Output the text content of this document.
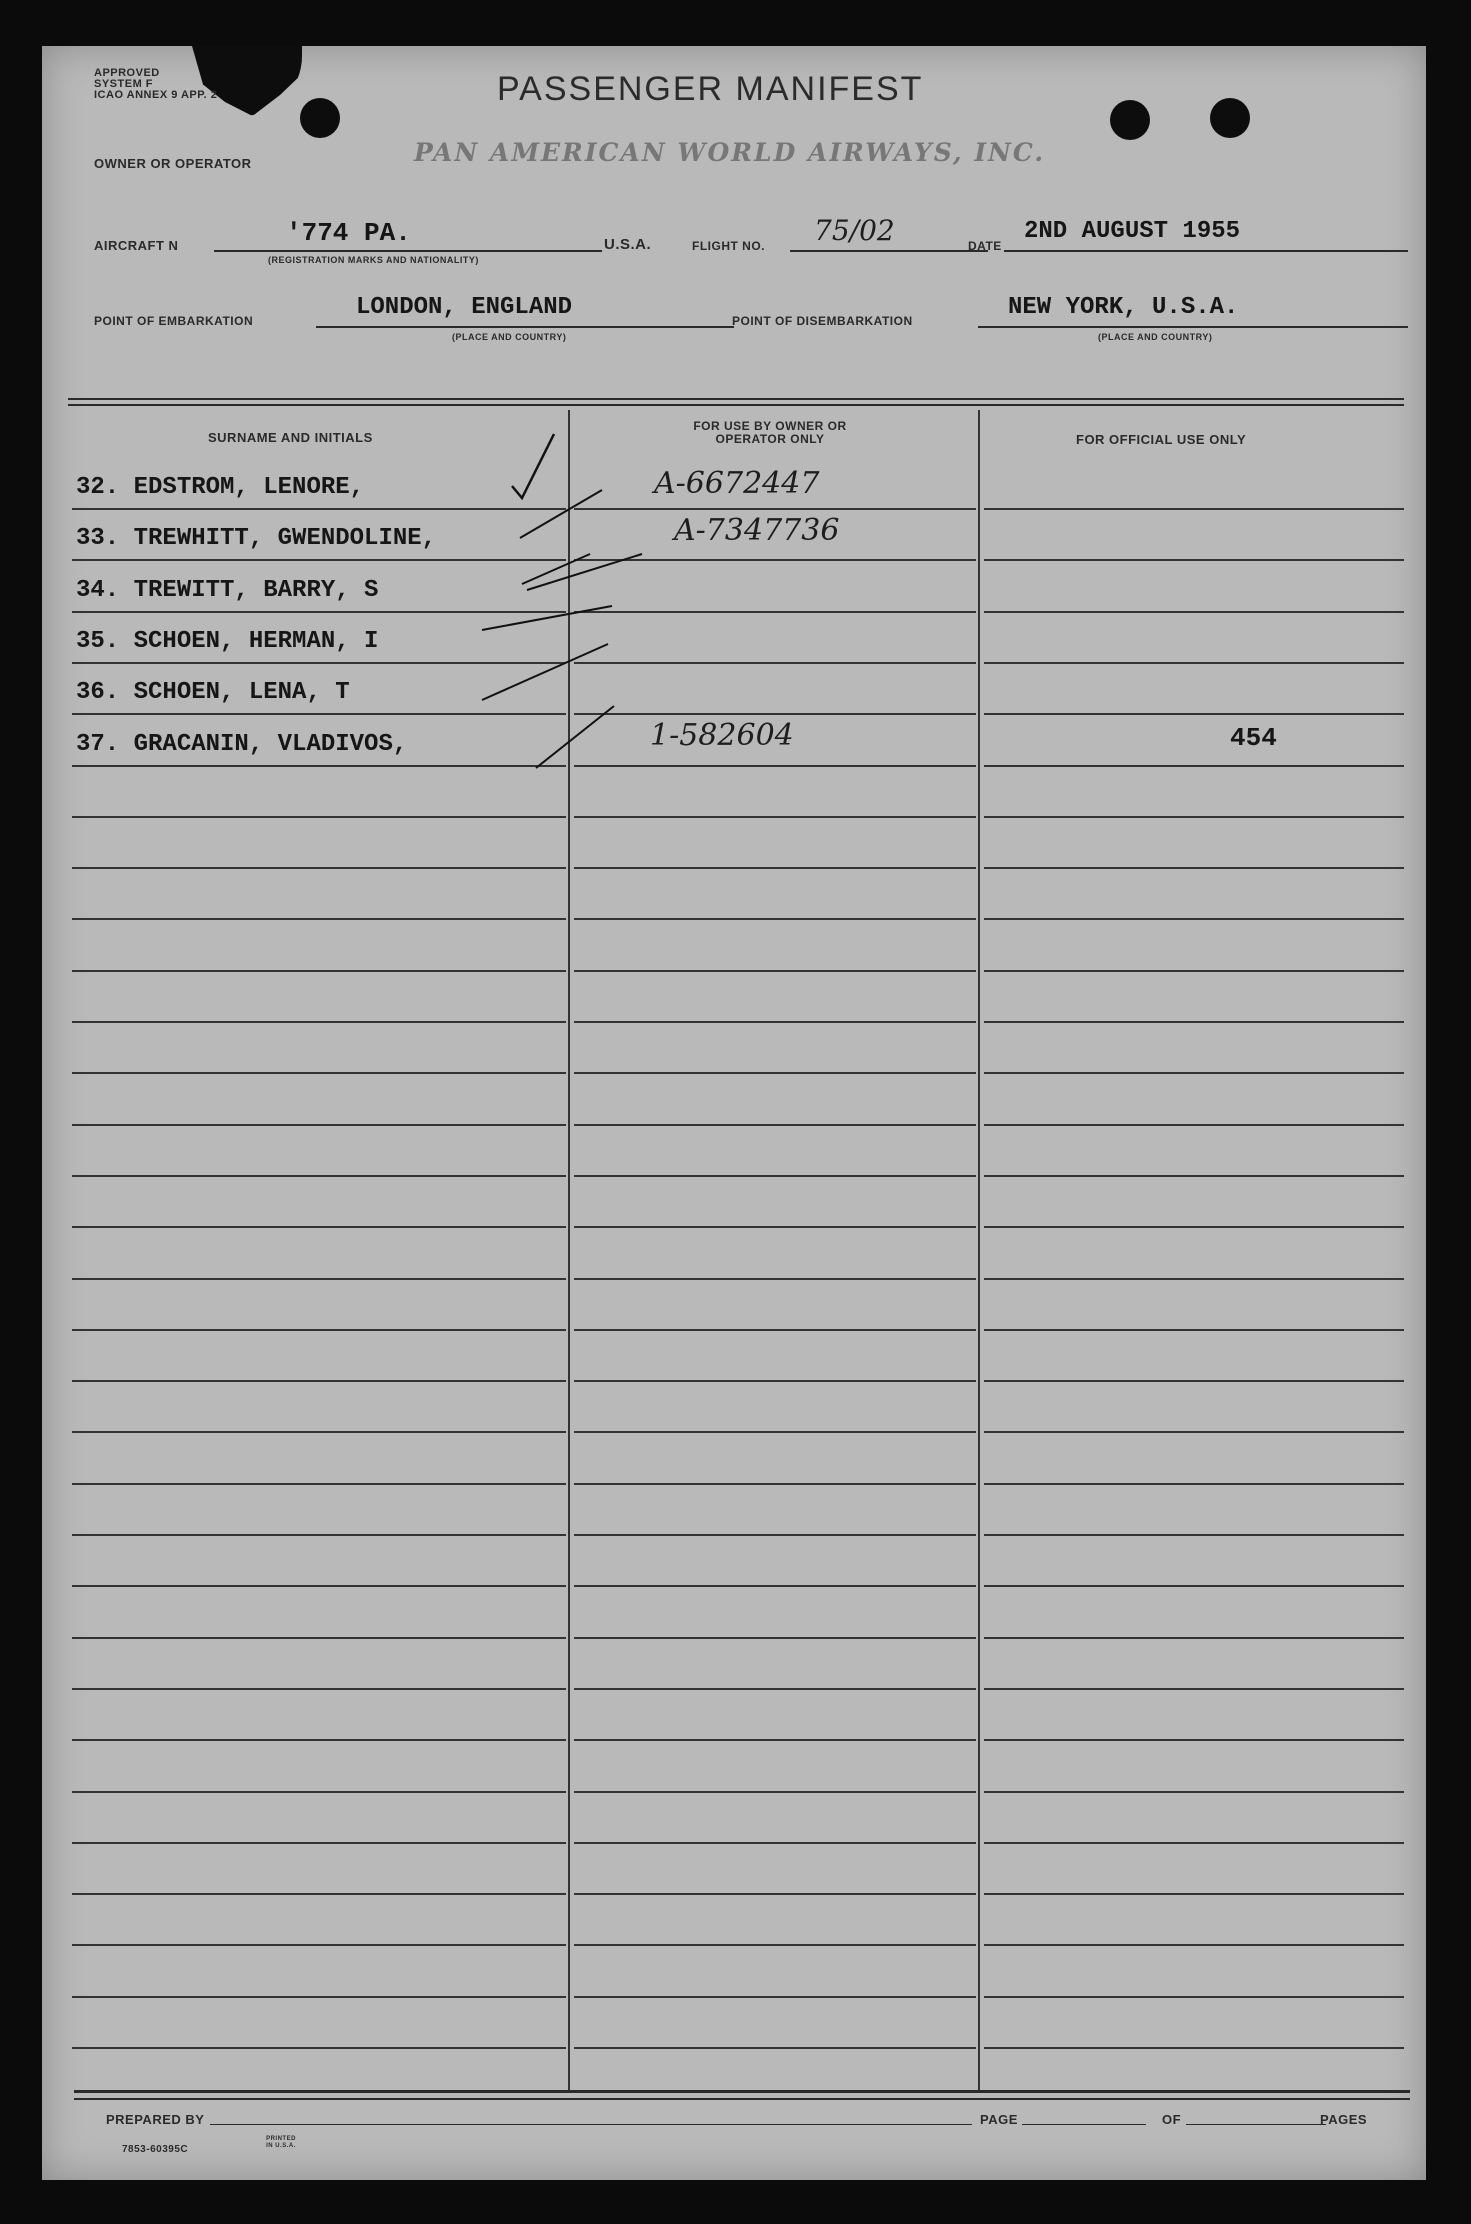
APPROVED
SYSTEM F
ICAO ANNEX 9 APP. 2	PASSENGER MANIFEST
OWNER OR OPERATOR	PAN AMERICAN WORLD AIRWAYS, INC.
AIRCRAFT N	'774 PA.
(REGISTRATION MARKS AND NATIONALITY)
U.S.A.	FLIGHT NO. 75/02	DATE
2ND AUGUST 1955
POINT OF EMBARKATION	LONDON, ENGLAND
(PLACE AND COUNTRY)
POINT OF DISEMBARKATION	NEW YORK, U.S.A.
(PLACE AND COUNTRY)
SURNAME AND INITIALS
FOR USE BY OWNER OR OPERATOR ONLY	FOR OFFICIAL USE ONLY
32. EDSTROM, LENORE,	A-6672447
33. TREWHITT, GWENDOLINE,	A-7347736
34. TREWITT, BARRY, S
35. SCHOEN, HERMAN, I
36. SCHOEN, LENA, T
37. GRACANIN, VLADIVOS,	1-582604	454
PREPARED BY	PAGE	OF	PAGES
7853-60395C
PRINTED IN U.S.A.
